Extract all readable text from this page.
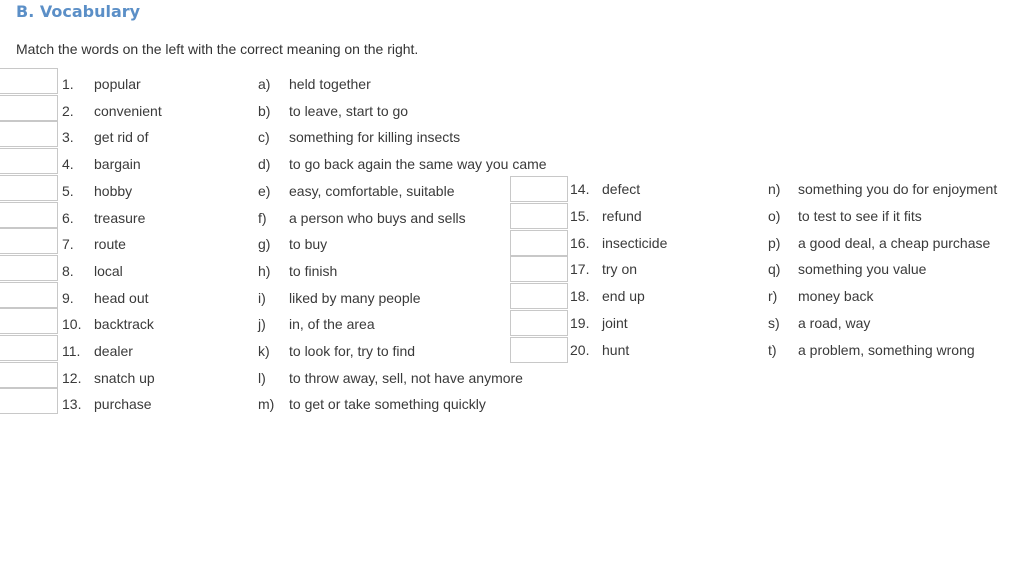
B. Vocabulary
Match the words on the left with the correct meaning on the right.
1. popular
2. convenient
3. get rid of
4. bargain
5. hobby
6. treasure
7. route
8. local
9. head out
10. backtrack
11. dealer
12. snatch up
13. purchase
a) held together
b) to leave, start to go
c) something for killing insects
d) to go back again the same way you came
e) easy, comfortable, suitable
f) a person who buys and sells
g) to buy
h) to finish
i) liked by many people
j) in, of the area
k) to look for, try to find
l) to throw away, sell, not have anymore
m) to get or take something quickly
14. defect
15. refund
16. insecticide
17. try on
18. end up
19. joint
20. hunt
n) something you do for enjoyment
o) to test to see if it fits
p) a good deal, a cheap purchase
q) something you value
r) money back
s) a road, way
t) a problem, something wrong
